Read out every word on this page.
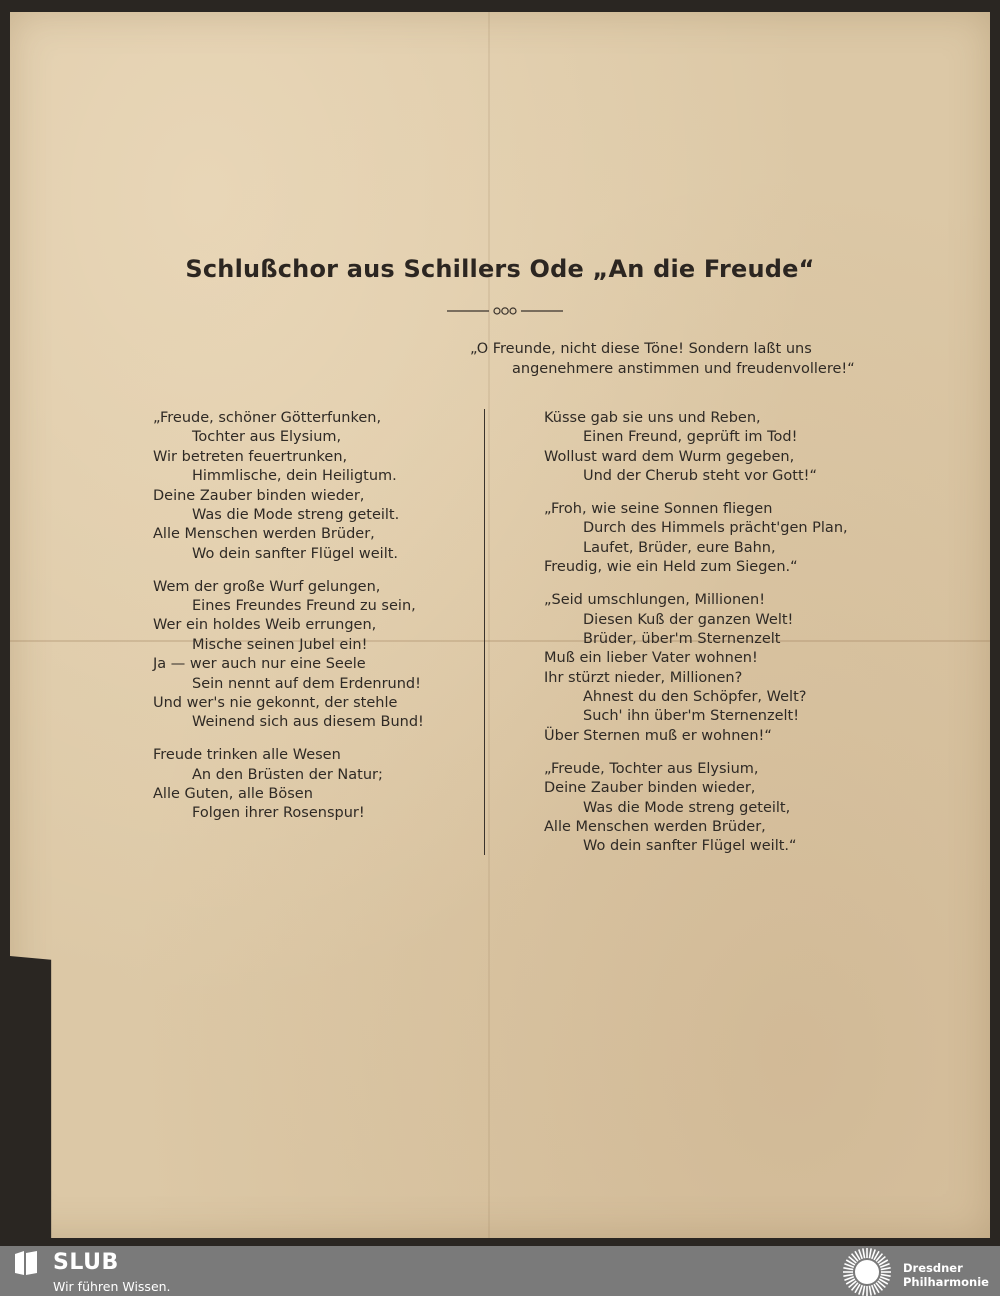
Schlußchor aus Schillers Ode „An die Freude“
„O Freunde, nicht diese Töne! Sondern laßt uns
angenehmere anstimmen und freudenvollere!“
„Freude, schöner Götterfunken,
Tochter aus Elysium,
Wir betreten feuertrunken,
Himmlische, dein Heiligtum.
Deine Zauber binden wieder,
Was die Mode streng geteilt.
Alle Menschen werden Brüder,
Wo dein sanfter Flügel weilt.
Wem der große Wurf gelungen,
Eines Freundes Freund zu sein,
Wer ein holdes Weib errungen,
Mische seinen Jubel ein!
Ja — wer auch nur eine Seele
Sein nennt auf dem Erdenrund!
Und wer's nie gekonnt, der stehle
Weinend sich aus diesem Bund!
Freude trinken alle Wesen
An den Brüsten der Natur;
Alle Guten, alle Bösen
Folgen ihrer Rosenspur!
Küsse gab sie uns und Reben,
Einen Freund, geprüft im Tod!
Wollust ward dem Wurm gegeben,
Und der Cherub steht vor Gott!“
„Froh, wie seine Sonnen fliegen
Durch des Himmels prächt'gen Plan,
Laufet, Brüder, eure Bahn,
Freudig, wie ein Held zum Siegen.“
„Seid umschlungen, Millionen!
Diesen Kuß der ganzen Welt!
Brüder, über'm Sternenzelt
Muß ein lieber Vater wohnen!
Ihr stürzt nieder, Millionen?
Ahnest du den Schöpfer, Welt?
Such' ihn über'm Sternenzelt!
Über Sternen muß er wohnen!“
„Freude, Tochter aus Elysium,
Deine Zauber binden wieder,
Was die Mode streng geteilt,
Alle Menschen werden Brüder,
Wo dein sanfter Flügel weilt.“
SLUB
Wir führen Wissen.
Dresdner
Philharmonie
